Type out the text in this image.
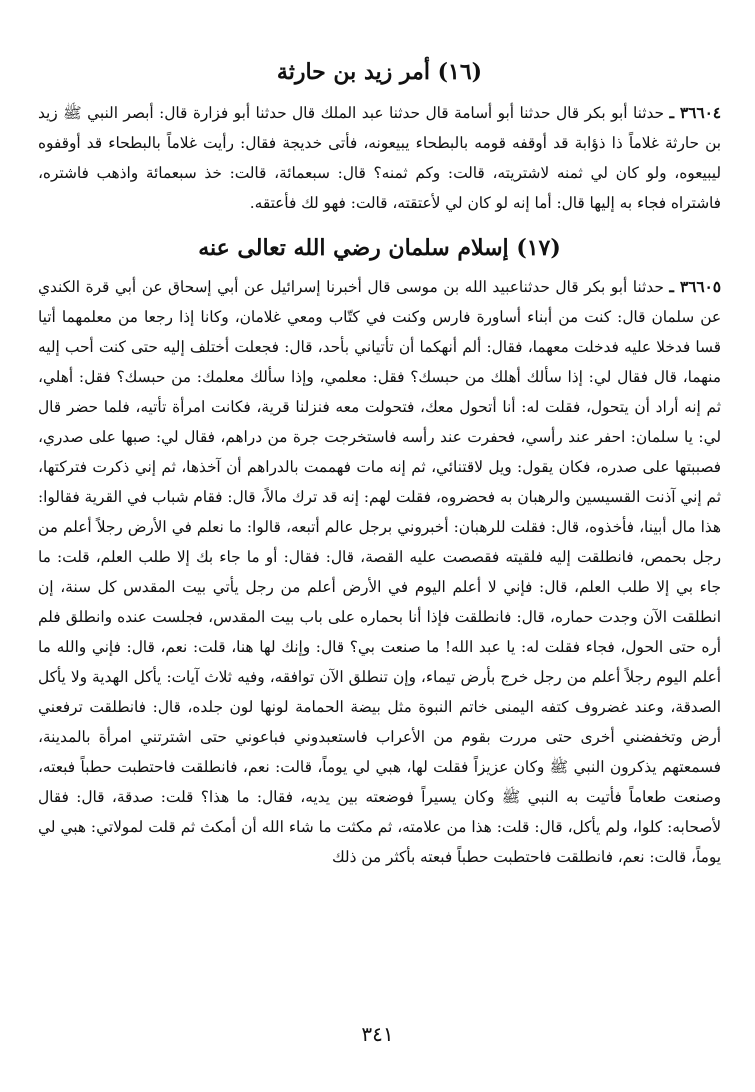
(١٦) أمر زيد بن حارثة

٣٦٦٠٤ ـ حدثنا أبو بكر قال حدثنا أبو أسامة قال حدثنا عبد الملك قال حدثنا أبو فزارة قال: أبصر النبي ﷺ زيد بن حارثة غلاماً ذا ذؤابة قد أوقفه قومه بالبطحاء يبيعونه، فأتى خديجة فقال: رأيت غلاماً بالبطحاء قد أوقفوه ليبيعوه، ولو كان لي ثمنه لاشتريته، قالت: وكم ثمنه؟ قال: سبعمائة، قالت: خذ سبعمائة واذهب فاشتره، فاشتراه فجاء به إليها قال: أما إنه لو كان لي لأعتقته، قالت: فهو لك فأعتقه.

(١٧) إسلام سلمان رضي الله تعالى عنه

٣٦٦٠٥ ـ حدثنا أبو بكر قال حدثناعبيد الله بن موسى قال أخبرنا إسرائيل عن أبي إسحاق عن أبي قرة الكندي عن سلمان قال: كنت من أبناء أساورة فارس وكنت في كتّاب ومعي غلامان، وكانا إذا رجعا من معلمهما أتيا قسا فدخلا عليه فدخلت معهما، فقال: ألم أنهكما أن تأتياني بأحد، قال: فجعلت أختلف إليه حتى كنت أحب إليه منهما، قال فقال لي: إذا سألك أهلك من حبسك؟ فقل: معلمي، وإذا سألك معلمك: من حبسك؟ فقل: أهلي، ثم إنه أراد أن يتحول، فقلت له: أنا أتحول معك، فتحولت معه فنزلنا قرية، فكانت امرأة تأتيه، فلما حضر قال لي: يا سلمان: احفر عند رأسي، فحفرت عند رأسه فاستخرجت جرة من دراهم، فقال لي: صبها على صدري، فصببتها على صدره، فكان يقول: ويل لاقتنائي، ثم إنه مات فهممت بالدراهم أن آخذها، ثم إني ذكرت فتركتها، ثم إني آذنت القسيسين والرهبان به فحضروه، فقلت لهم: إنه قد ترك مالاً، قال: فقام شباب في القرية فقالوا: هذا مال أبينا، فأخذوه، قال: فقلت للرهبان: أخبروني برجل عالم أتبعه، قالوا: ما نعلم في الأرض رجلاً أعلم من رجل بحمص، فانطلقت إليه فلقيته فقصصت عليه القصة، قال: فقال: أو ما جاء بك إلا طلب العلم، قلت: ما جاء بي إلا طلب العلم، قال: فإني لا أعلم اليوم في الأرض أعلم من رجل يأتي بيت المقدس كل سنة، إن انطلقت الآن وجدت حماره، قال: فانطلقت فإذا أنا بحماره على باب بيت المقدس، فجلست عنده وانطلق فلم أره حتى الحول، فجاء فقلت له: يا عبد الله! ما صنعت بي؟ قال: وإنك لها هنا، قلت: نعم، قال: فإني والله ما أعلم اليوم رجلاً أعلم من رجل خرج بأرض تيماء، وإن تنطلق الآن توافقه، وفيه ثلاث آيات: يأكل الهدية ولا يأكل الصدقة، وعند غضروف كتفه اليمنى خاتم النبوة مثل بيضة الحمامة لونها لون جلده، قال: فانطلقت ترفعني أرض وتخفضني أخرى حتى مررت بقوم من الأعراب فاستعبدوني فباعوني حتى اشترتني امرأة بالمدينة، فسمعتهم يذكرون النبي ﷺ وكان عزيزاً فقلت لها، هبي لي يوماً، قالت: نعم، فانطلقت فاحتطبت حطباً فبعته، وصنعت طعاماً فأتيت به النبي ﷺ وكان يسيراً فوضعته بين يديه، فقال: ما هذا؟ قلت: صدقة، قال: فقال لأصحابه: كلوا، ولم يأكل، قال: قلت: هذا من علامته، ثم مكثت ما شاء الله أن أمكث ثم قلت لمولاتي: هبي لي يوماً، قالت: نعم، فانطلقت فاحتطبت حطباً فبعته بأكثر من ذلك

٣٤١
